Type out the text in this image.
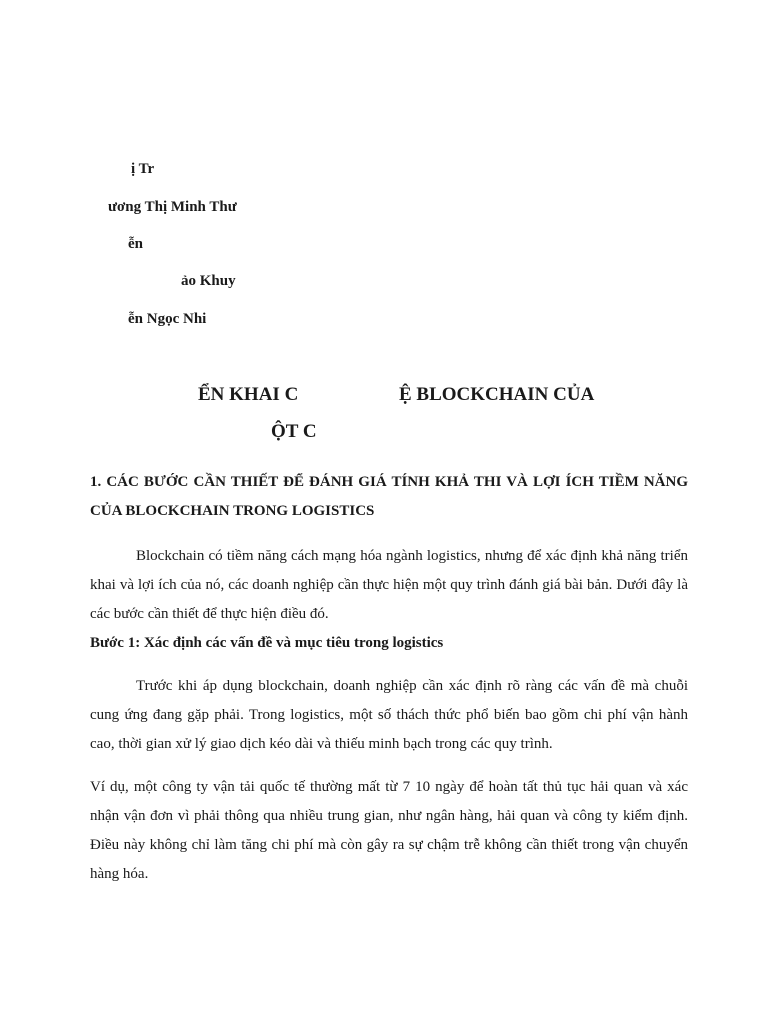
ị Tr
ương Thị Minh Thư
ễn
ảo Khuy
ễn Ngọc Nhi
ỂN KHAI C	Ệ BLOCKCHAIN CỦA
ỘT C

1. CÁC BƯỚC CẦN THIẾT ĐỂ ĐÁNH GIÁ TÍNH KHẢ THI VÀ LỢI ÍCH TIỀM NĂNG CỦA BLOCKCHAIN TRONG LOGISTICS

Blockchain có tiềm năng cách mạng hóa ngành logistics, nhưng để xác định khả năng triển khai và lợi ích của nó, các doanh nghiệp cần thực hiện một quy trình đánh giá bài bản. Dưới đây là các bước cần thiết để thực hiện điều đó.

Bước 1: Xác định các vấn đề và mục tiêu trong logistics

Trước khi áp dụng blockchain, doanh nghiệp cần xác định rõ ràng các vấn đề mà chuỗi cung ứng đang gặp phải. Trong logistics, một số thách thức phổ biến bao gồm chi phí vận hành cao, thời gian xử lý giao dịch kéo dài và thiếu minh bạch trong các quy trình.

Ví dụ, một công ty vận tải quốc tế thường mất từ 7 10 ngày để hoàn tất thủ tục hải quan và xác nhận vận đơn vì phải thông qua nhiều trung gian, như ngân hàng, hải quan và công ty kiểm định. Điều này không chỉ làm tăng chi phí mà còn gây ra sự chậm trễ không cần thiết trong vận chuyển hàng hóa.
